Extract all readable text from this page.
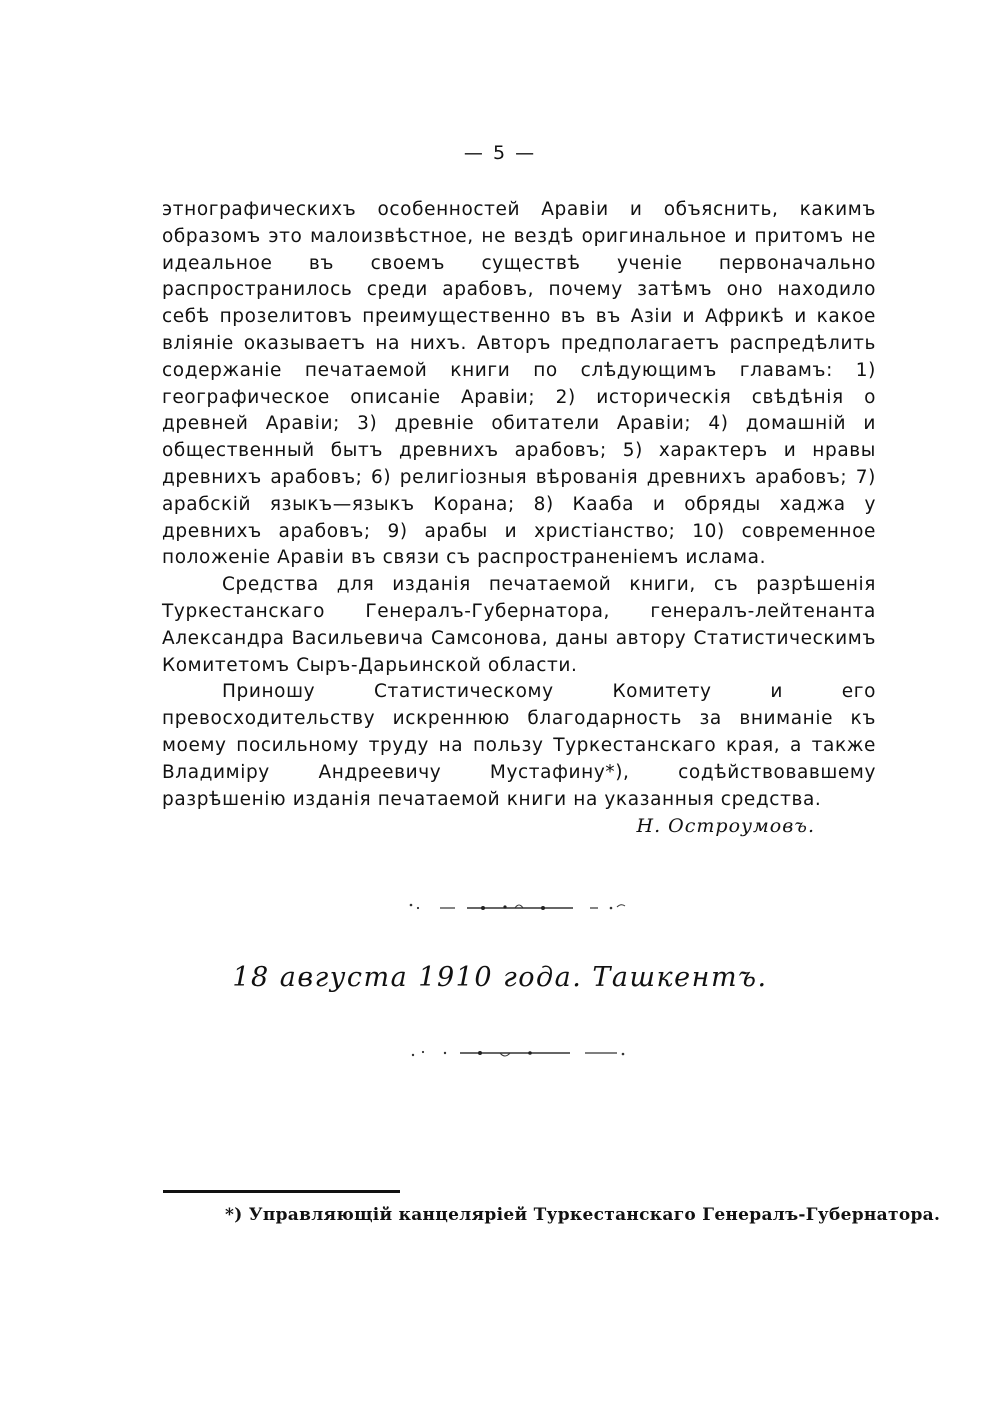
— 5 —

этнографическихъ особенностей Аравіи и объяснить, какимъ образомъ это малоизвѣстное, не вездѣ оригинальное и притомъ не идеальное въ своемъ существѣ ученіе первоначально распространилось среди арабовъ, почему затѣмъ оно находило себѣ прозелитовъ преимущественно въ въ Азіи и Африкѣ и какое вліяніе оказываетъ на нихъ. Авторъ предполагаетъ распредѣлить содержаніе печатаемой книги по слѣдующимъ главамъ: 1) географическое описаніе Аравіи; 2) историческія свѣдѣнія о древней Аравіи; 3) древніе обитатели Аравіи; 4) домашній и общественный бытъ древнихъ арабовъ; 5) характеръ и нравы древнихъ арабовъ; 6) религіозныя вѣрованія древнихъ арабовъ; 7) арабскій языкъ—языкъ Корана; 8) Кааба и обряды хаджа у древнихъ арабовъ; 9) арабы и христіанство; 10) современное положеніе Аравіи въ связи съ распространеніемъ ислама.

Средства для изданія печатаемой книги, съ разрѣшенія Туркестанскаго Генералъ-Губернатора, генералъ-лейтенанта Александра Васильевича Самсонова, даны автору Статистическимъ Комитетомъ Сыръ-Дарьинской области.

Приношу Статистическому Комитету и его превосходительству искреннюю благодарность за вниманіе къ моему посильному труду на пользу Туркестанскаго края, а также Владиміру Андреевичу Мустафину*), содѣйствовавшему разрѣшенію изданія печатаемой книги на указанныя средства.

Н. Остроумовъ.
18 августа 1910 года. Ташкентъ.
*) Управляющій канцеляріей Туркестанскаго Генералъ-Губернатора.
